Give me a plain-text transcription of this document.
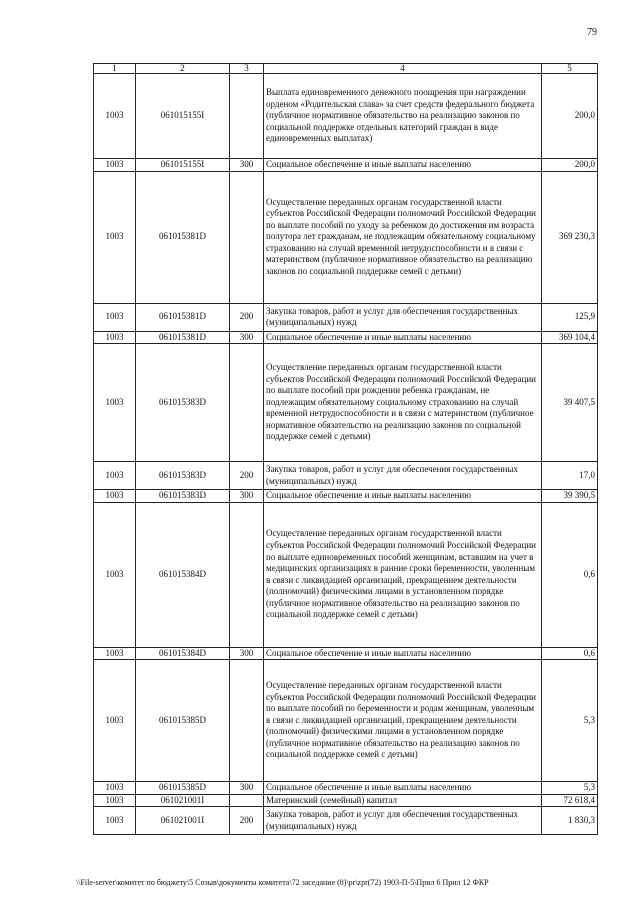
79
1	2	3	4	5
1003	061015155I		Выплата единовременного денежного поощрения при награждении орденом «Родительская слава» за счет средств федерального бюджета (публичное нормативное обязательство на реализацию законов по социальной поддержке отдельных категорий граждан в виде единовременных выплатах)	200,0
1003	061015155I	300	Социальное обеспечение и иные выплаты населению	200,0
1003	061015381D		Осуществление переданных органам государственной власти субъектов Российской Федерации полномочий Российской Федерации по выплате пособий по уходу за ребенком до достижения им возраста полутора лет гражданам, не подлежащим обязательному социальному страхованию на случай временной нетрудоспособности и в связи с материнством (публичное нормативное обязательство на реализацию законов по социальной поддержке семей с детьми)	369 230,3
1003	061015381D	200	Закупка товаров, работ и услуг для обеспечения государственных (муниципальных) нужд	125,9
1003	061015381D	300	Социальное обеспечение и иные выплаты населению	369 104,4
1003	061015383D		Осуществление переданных органам государственной власти субъектов Российской Федерации полномочий Российской Федерации по выплате пособий при рождении ребенка гражданам, не подлежащим обязательному социальному страхованию на случай временной нетрудоспособности и в связи с материнством (публичное нормативное обязательство на реализацию законов по социальной поддержке семей с детьми)	39 407,5
1003	061015383D	200	Закупка товаров, работ и услуг для обеспечения государственных (муниципальных) нужд	17,0
1003	061015383D	300	Социальное обеспечение и иные выплаты населению	39 390,5
1003	061015384D		Осуществление переданных органам государственной власти субъектов Российской Федерации полномочий Российской Федерации по выплате единовременных пособий женщинам, вставшим на учет в медицинских организациях в ранние сроки беременности, уволенным в связи с ликвидацией организаций, прекращением деятельности (полномочий) физическими лицами в установленном порядке (публичное нормативное обязательство на реализацию законов по социальной поддержке семей с детьми)	0,6
1003	061015384D	300	Социальное обеспечение и иные выплаты населению	0,6
1003	061015385D		Осуществление переданных органам государственной власти субъектов Российской Федерации полномочий Российской Федерации по выплате пособий по беременности и родам женщинам, уволенным в связи с ликвидацией организаций, прекращением деятельности (полномочий) физическими лицами в установленном порядке (публичное нормативное обязательство на реализацию законов по социальной поддержке семей с детьми)	5,3
1003	061015385D	300	Социальное обеспечение и иные выплаты населению	5,3
1003	061021001I		Материнский (семейный) капитал	72 618,4
1003	061021001I	200	Закупка товаров, работ и услуг для обеспечения государственных (муниципальных) нужд	1 830,3
\\File-server\комитет по бюджету\5 Созыв\документы комитета\72 заседание (8)\pr\zpr(72) 1903-П-5\Прил 6 Прил 12 ФКР
